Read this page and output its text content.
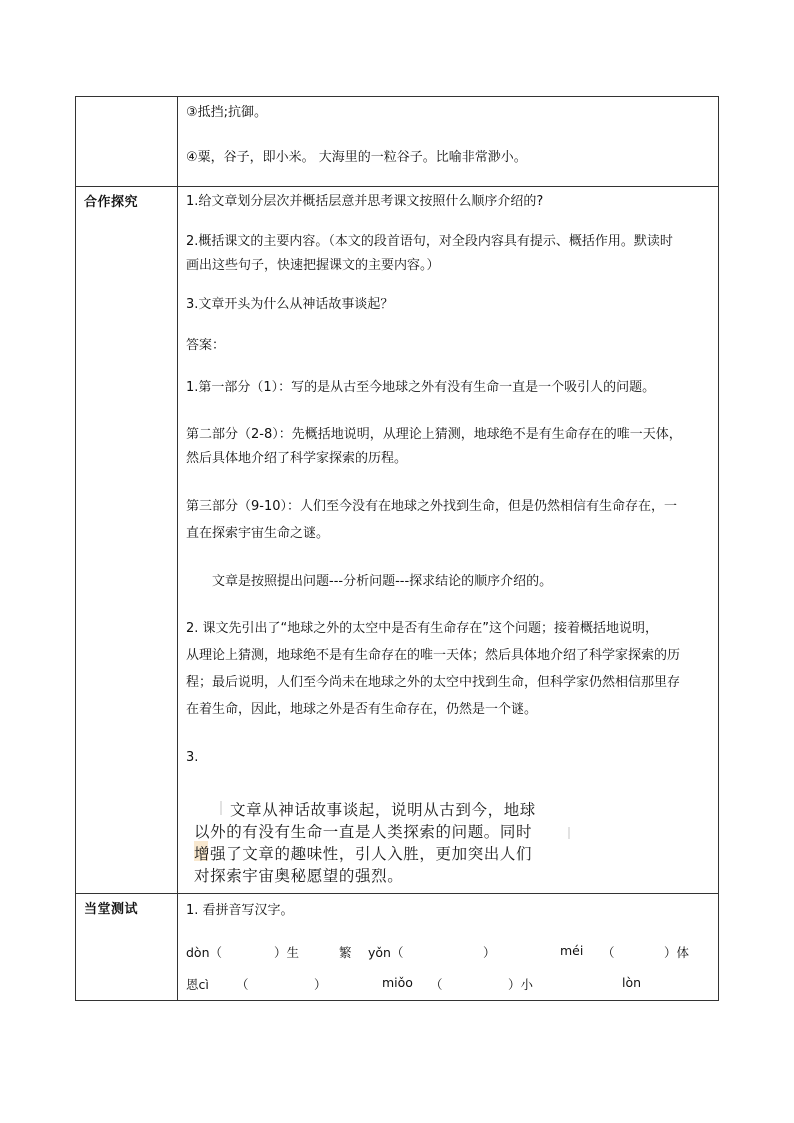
③抵挡;抗御。
④粟，谷子，即小米。 大海里的一粒谷子。比喻非常渺小。
合作探究	1.给文章划分层次并概括层意并思考课文按照什么顺序介绍的?
2.概括课文的主要内容。（本文的段首语句，对全段内容具有提示、概括作用。默读时
画出这些句子，快速把握课文的主要内容。）
3.文章开头为什么从神话故事谈起？
答案：
1.第一部分（1）：写的是从古至今地球之外有没有生命一直是一个吸引人的问题。
第二部分（2-8）：先概括地说明，从理论上猜测，地球绝不是有生命存在的唯一天体，
然后具体地介绍了科学家探索的历程。
第三部分（9-10）：人们至今没有在地球之外找到生命，但是仍然相信有生命存在，一
直在探索宇宙生命之谜。
文章是按照提出问题---分析问题---探求结论的顺序介绍的。
2. 课文先引出了“地球之外的太空中是否有生命存在”这个问题；接着概括地说明，
从理论上猜测，地球绝不是有生命存在的唯一天体；然后具体地介绍了科学家探索的历
程；最后说明，人们至今尚未在地球之外的太空中找到生命，但科学家仍然相信那里存
在着生命，因此，地球之外是否有生命存在，仍然是一个谜。
3.
文章从神话故事谈起，说明从古到今，地球
以外的有没有生命一直是人类探索的问题。同时
增强了文章的趣味性，引人入胜，更加突出人们
对探索宇宙奥秘愿望的强烈。
当堂测试	1. 看拼音写汉字。
dòn（	）生	繁 yǒn（	）	méi （	）体
恩cì （	）	miǒo （	）小	lòn
